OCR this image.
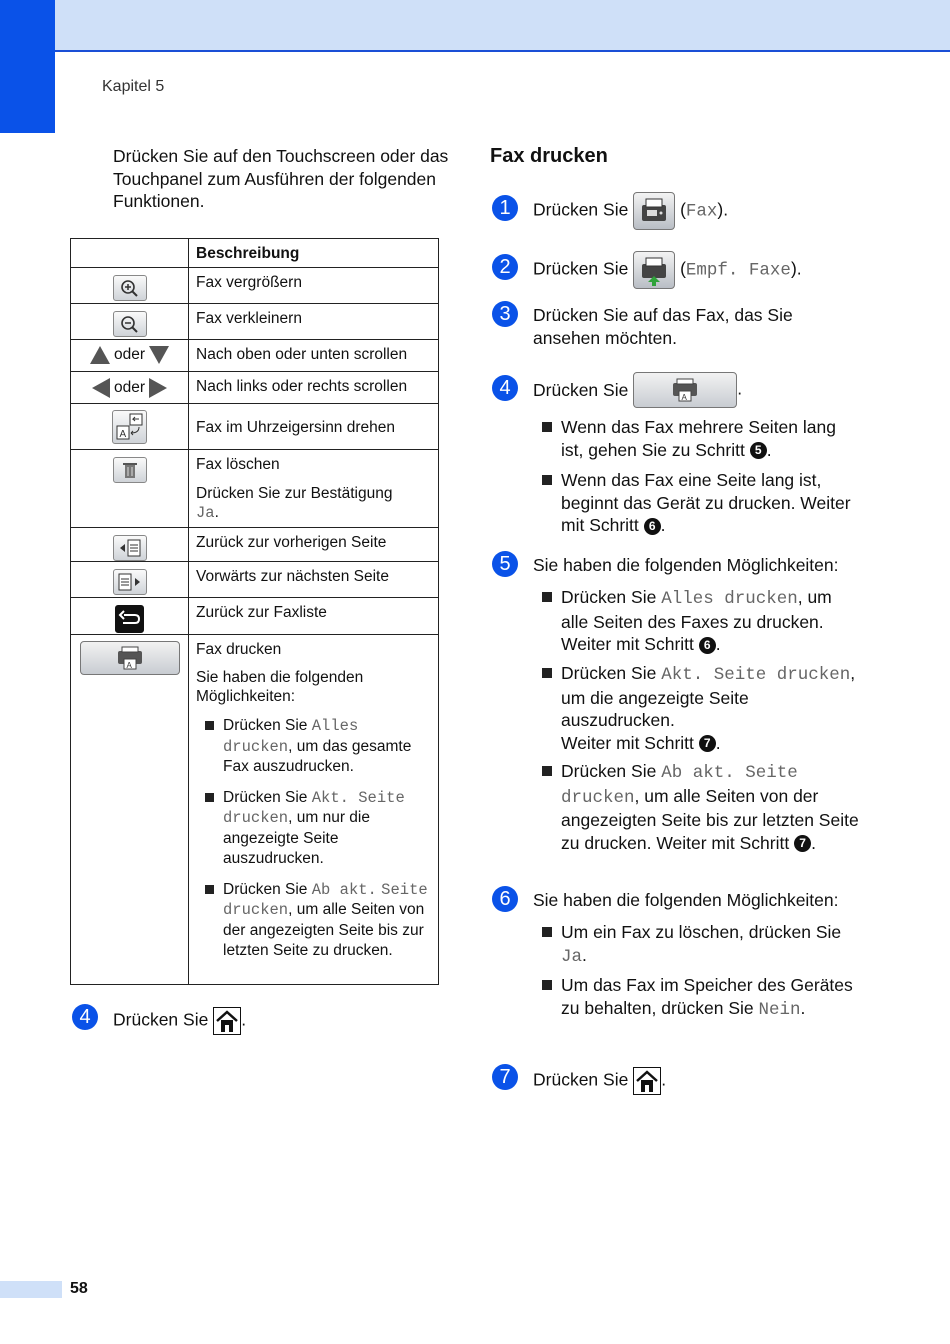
Kapitel 5
Drücken Sie auf den Touchscreen oder das Touchpanel zum Ausführen der folgenden Funktionen.
	Beschreibung

	Fax vergrößern

	Fax verkleinern
oder	Nach oben oder unten scrollen
oder	Nach links oder rechts scrollen

A	Fax im Uhrzeigersinn drehen

Fax löschen
Drücken Sie zur Bestätigung
Ja.

	Zurück zur vorherigen Seite

	Vorwärts zur nächsten Seite

	Zurück zur Faxliste

A	Fax drucken
Sie haben die folgenden Möglichkeiten:
Drücken Sie Alles drucken, um das gesamte Fax auszudrucken.
Drücken Sie Akt. Seite drucken, um nur die angezeigte Seite auszudrucken.
Drücken Sie Ab akt. Seite drucken, um alle Seiten von der angezeigten Seite bis zur letzten Seite zu drucken.
4	Drücken Sie .
Fax drucken
1	Drücken Sie	(Fax).
2	Drücken Sie	(Empf. Faxe).
3	Drücken Sie auf das Fax, das Sie ansehen möchten.
4	Drücken Sie	A	.
Wenn das Fax mehrere Seiten lang ist, gehen Sie zu Schritt 5 .
Wenn das Fax eine Seite lang ist, beginnt das Gerät zu drucken. Weiter mit Schritt 6 .
5	Sie haben die folgenden Möglichkeiten:
Drücken Sie Alles drucken, um alle Seiten des Faxes zu drucken. Weiter mit Schritt 6 .
Drücken Sie Akt. Seite drucken, um die angezeigte Seite auszudrucken.
Weiter mit Schritt 7 .
Drücken Sie Ab akt. Seite drucken, um alle Seiten von der angezeigten Seite bis zur letzten Seite zu drucken. Weiter mit Schritt 7 .
6	Sie haben die folgenden Möglichkeiten:
Um ein Fax zu löschen, drücken Sie Ja.
Um das Fax im Speicher des Gerätes zu behalten, drücken Sie Nein.
7	Drücken Sie .
58
